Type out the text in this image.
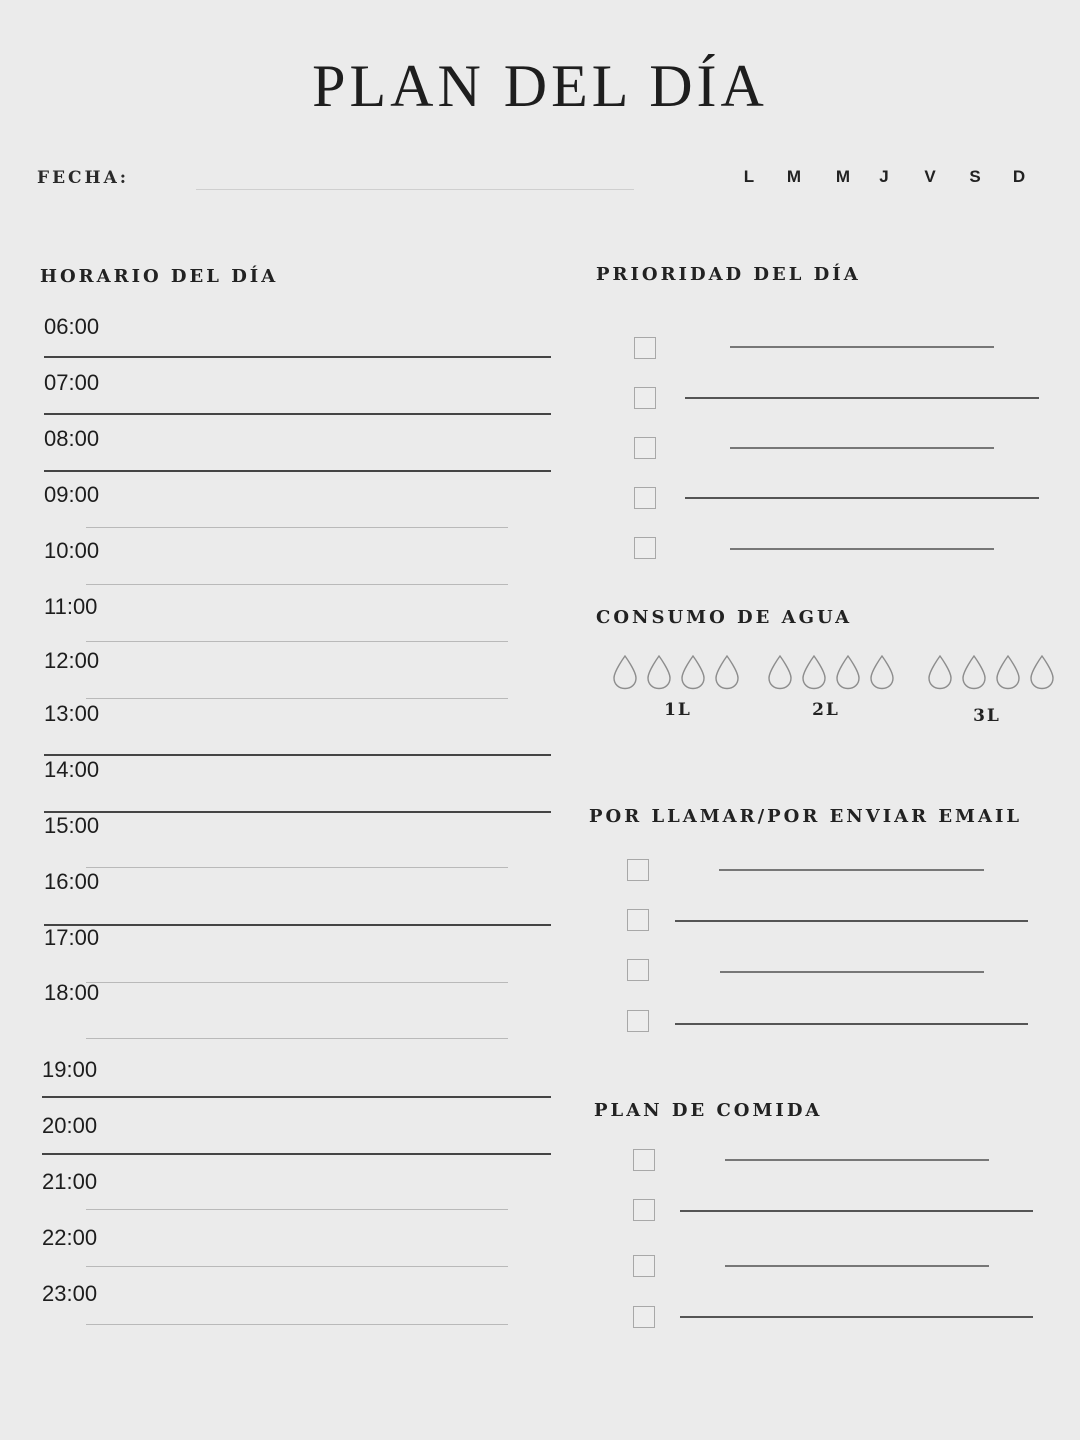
PLAN DEL DÍA
FECHA:	L M M J V S D
HORARIO DEL DÍA
06:00
07:00
08:00
09:00
10:00
11:00
12:00
13:00
14:00
15:00
16:00
17:00
18:00
19:00
20:00
21:00
22:00
23:00
PRIORIDAD DEL DÍA
CONSUMO DE AGUA
1L	2L	3L
POR LLAMAR/POR ENVIAR EMAIL
PLAN DE COMIDA
